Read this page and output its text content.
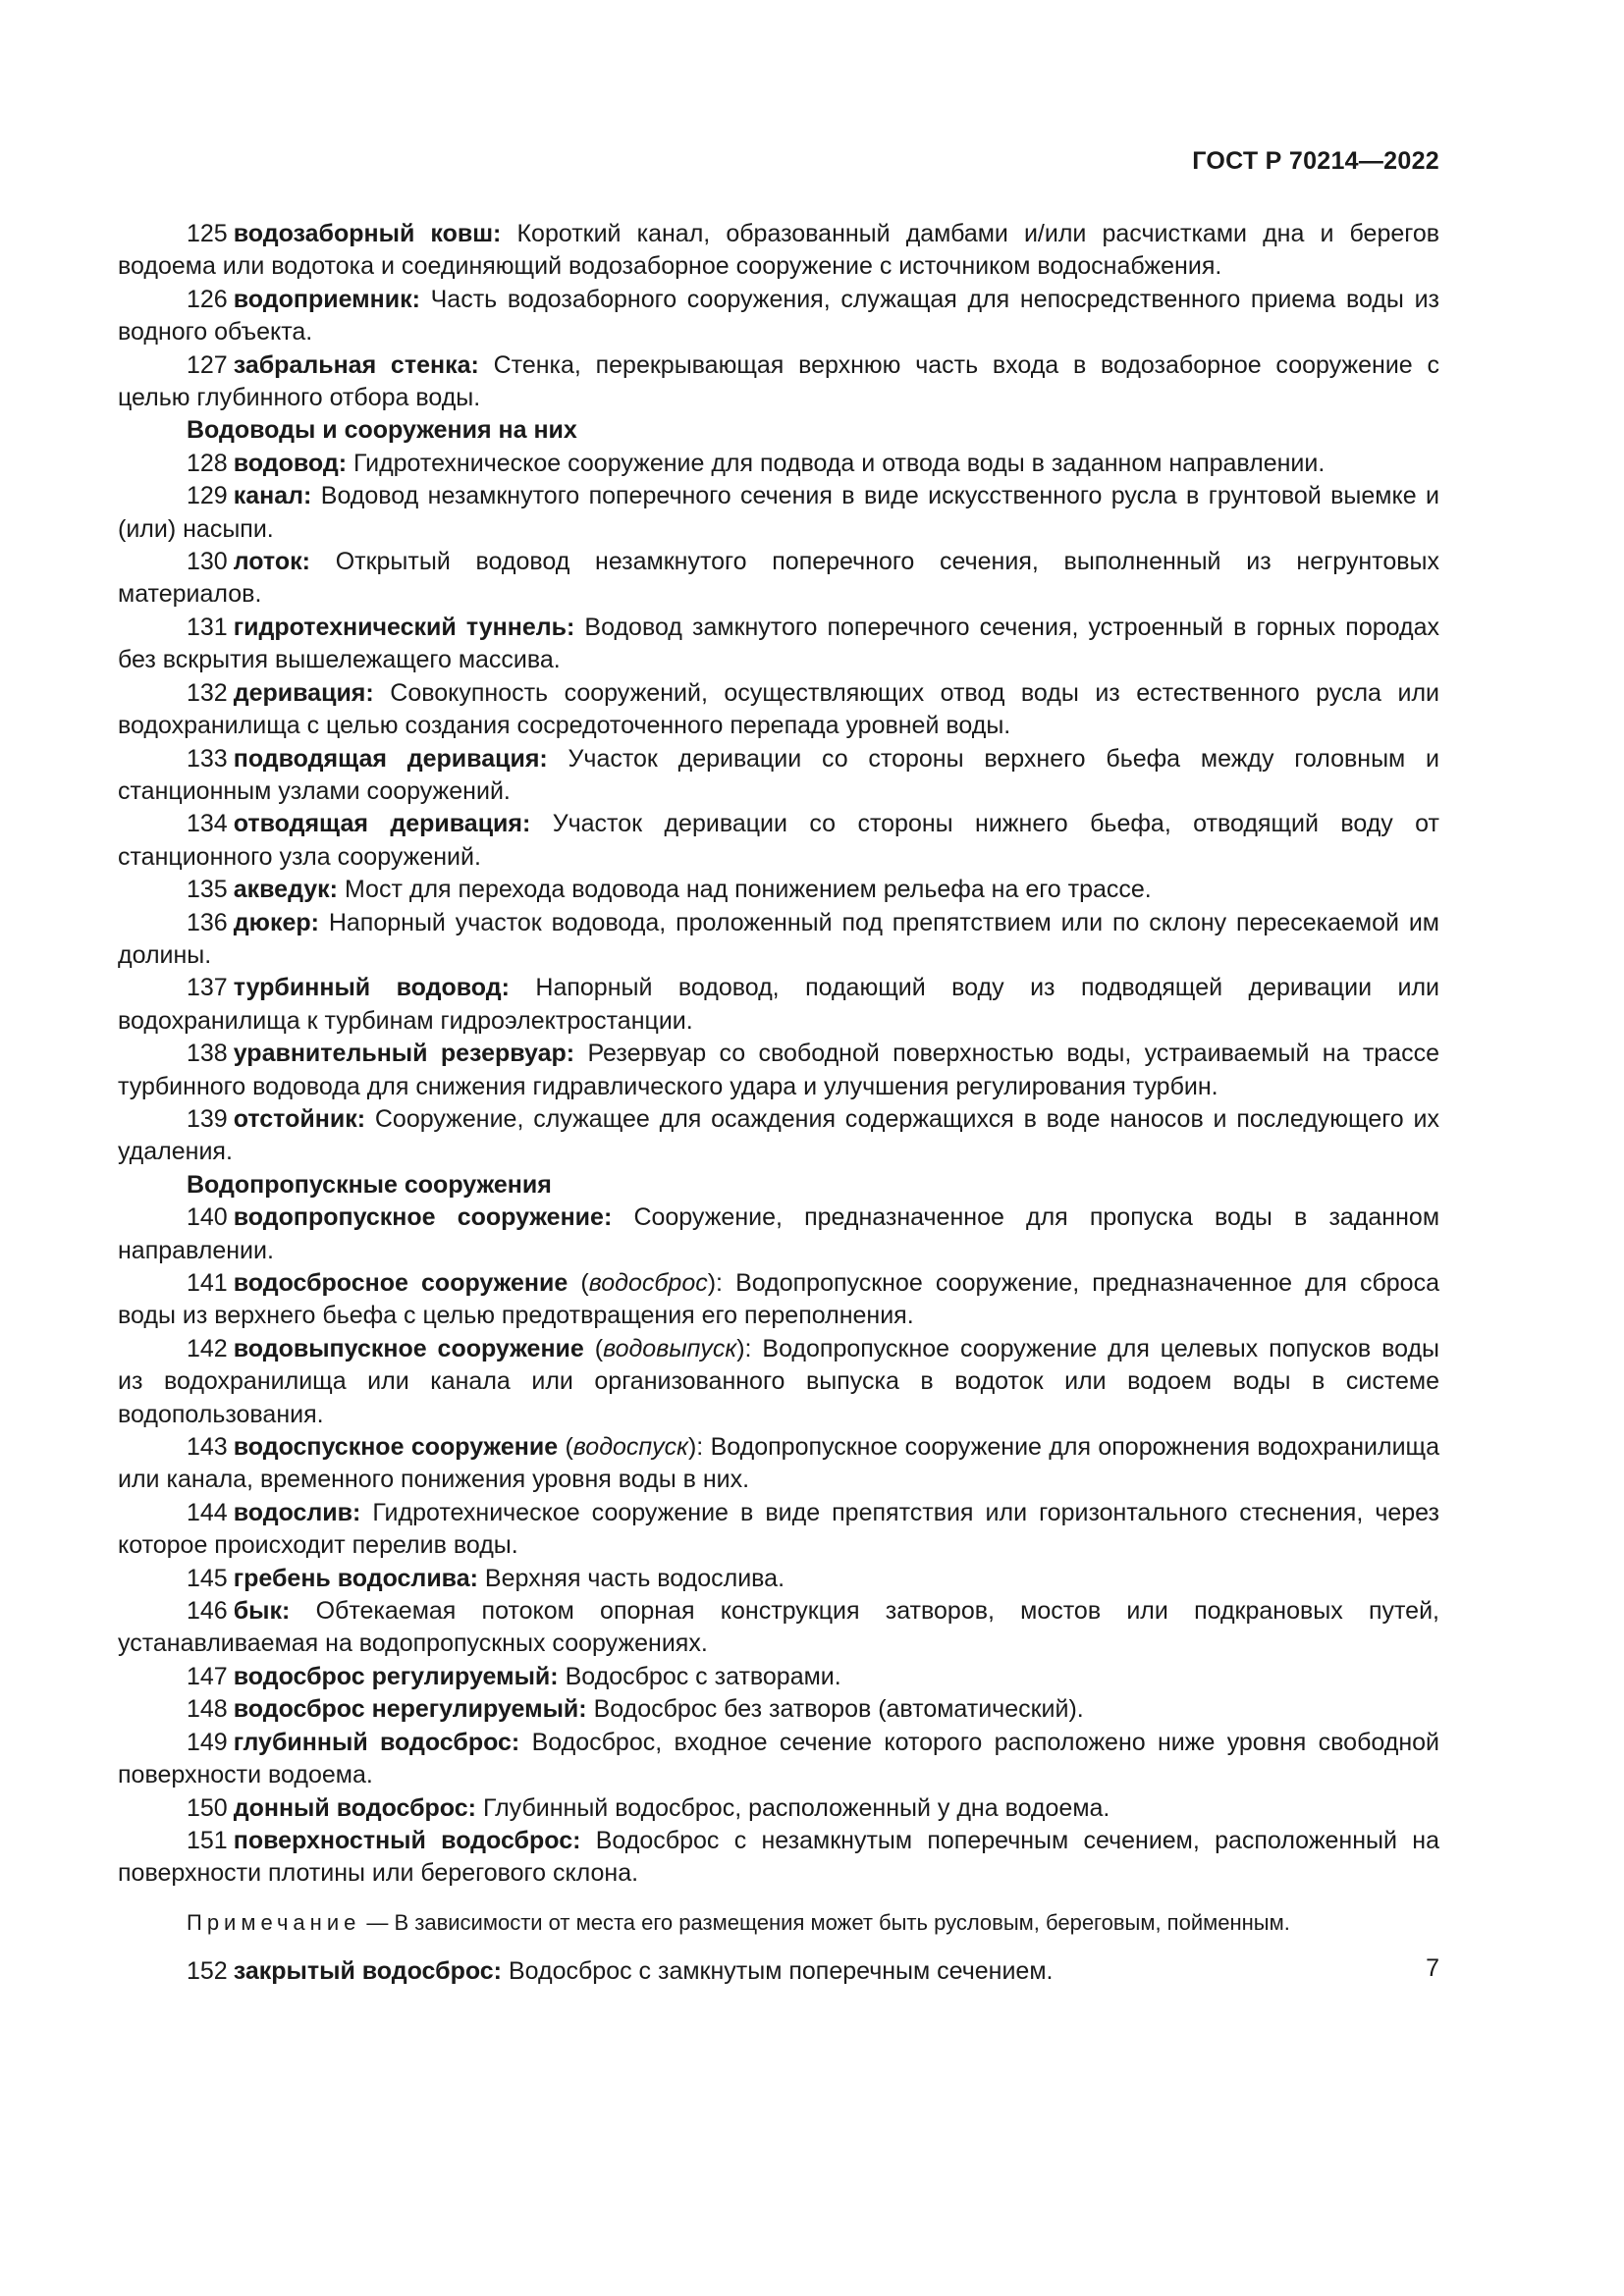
ГОСТ Р 70214—2022

125 водозаборный ковш: Короткий канал, образованный дамбами и/или расчистками дна и берегов водоема или водотока и соединяющий водозаборное сооружение с источником водоснабжения.

126 водоприемник: Часть водозаборного сооружения, служащая для непосредственного приема воды из водного объекта.

127 забральная стенка: Стенка, перекрывающая верхнюю часть входа в водозаборное сооружение с целью глубинного отбора воды.

Водоводы и сооружения на них

128 водовод: Гидротехническое сооружение для подвода и отвода воды в заданном направлении.

129 канал: Водовод незамкнутого поперечного сечения в виде искусственного русла в грунтовой выемке и (или) насыпи.

130 лоток: Открытый водовод незамкнутого поперечного сечения, выполненный из негрунтовых материалов.

131 гидротехнический туннель: Водовод замкнутого поперечного сечения, устроенный в горных породах без вскрытия вышележащего массива.

132 деривация: Совокупность сооружений, осуществляющих отвод воды из естественного русла или водохранилища с целью создания сосредоточенного перепада уровней воды.

133 подводящая деривация: Участок деривации со стороны верхнего бьефа между головным и станционным узлами сооружений.

134 отводящая деривация: Участок деривации со стороны нижнего бьефа, отводящий воду от станционного узла сооружений.

135 акведук: Мост для перехода водовода над понижением рельефа на его трассе.

136 дюкер: Напорный участок водовода, проложенный под препятствием или по склону пересекаемой им долины.

137 турбинный водовод: Напорный водовод, подающий воду из подводящей деривации или водохранилища к турбинам гидроэлектростанции.

138 уравнительный резервуар: Резервуар со свободной поверхностью воды, устраиваемый на трассе турбинного водовода для снижения гидравлического удара и улучшения регулирования турбин.

139 отстойник: Сооружение, служащее для осаждения содержащихся в воде наносов и последующего их удаления.

Водопропускные сооружения

140 водопропускное сооружение: Сооружение, предназначенное для пропуска воды в заданном направлении.

141 водосбросное сооружение (водосброс): Водопропускное сооружение, предназначенное для сброса воды из верхнего бьефа с целью предотвращения его переполнения.

142 водовыпускное сооружение (водовыпуск): Водопропускное сооружение для целевых попусков воды из водохранилища или канала или организованного выпуска в водоток или водоем воды в системе водопользования.

143 водоспускное сооружение (водоспуск): Водопропускное сооружение для опорожнения водохранилища или канала, временного понижения уровня воды в них.

144 водослив: Гидротехническое сооружение в виде препятствия или горизонтального стеснения, через которое происходит перелив воды.

145 гребень водослива: Верхняя часть водослива.

146 бык: Обтекаемая потоком опорная конструкция затворов, мостов или подкрановых путей, устанавливаемая на водопропускных сооружениях.

147 водосброс регулируемый: Водосброс с затворами.

148 водосброс нерегулируемый: Водосброс без затворов (автоматический).

149 глубинный водосброс: Водосброс, входное сечение которого расположено ниже уровня свободной поверхности водоема.

150 донный водосброс: Глубинный водосброс, расположенный у дна водоема.

151 поверхностный водосброс: Водосброс с незамкнутым поперечным сечением, расположенный на поверхности плотины или берегового склона.

Примечание — В зависимости от места его размещения может быть русловым, береговым, пойменным.

152 закрытый водосброс: Водосброс с замкнутым поперечным сечением.	7
